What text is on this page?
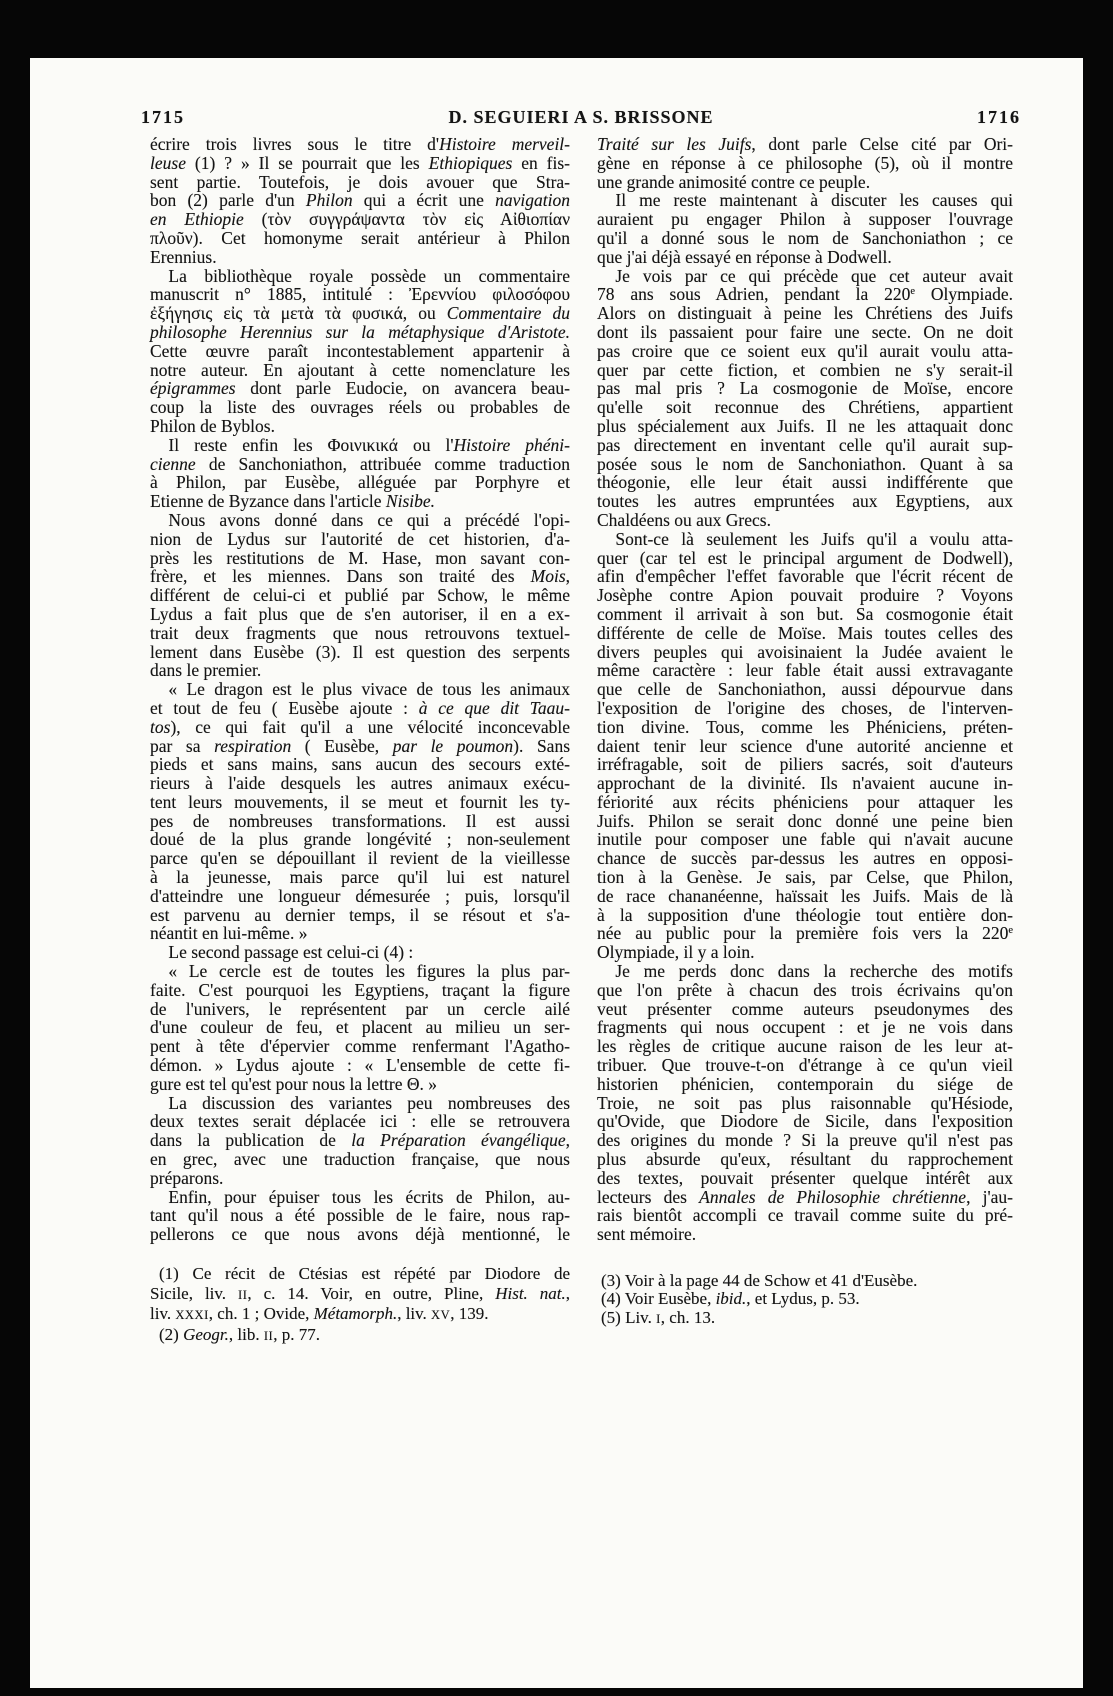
1715	D. SEGUIERI A S. BRISSONE	1716
écrire trois livres sous le titre d'Histoire merveil-
leuse (1) ? » Il se pourrait que les Ethiopiques en fis-
sent partie. Toutefois, je dois avouer que Stra-
bon (2) parle d'un Philon qui a écrit une navigation
en Ethiopie (τὸν συγγράψαντα τὸν εἰς Αἰθιοπίαν
πλοῦν). Cet homonyme serait antérieur à Philon
Erennius.
La bibliothèque royale possède un commentaire
manuscrit n° 1885, intitulé : Ἐρεννίου φιλοσόφου
ἐξήγησις εἰς τὰ μετὰ τὰ φυσικά, ou Commentaire du
philosophe Herennius sur la métaphysique d'Aristote.
Cette œuvre paraît incontestablement appartenir à
notre auteur. En ajoutant à cette nomenclature les
épigrammes dont parle Eudocie, on avancera beau-
coup la liste des ouvrages réels ou probables de
Philon de Byblos.
Il reste enfin les Φοινικικά ou l'Histoire phéni-
cienne de Sanchoniathon, attribuée comme traduction
à Philon, par Eusèbe, alléguée par Porphyre et
Etienne de Byzance dans l'article Nisibe.
Nous avons donné dans ce qui a précédé l'opi-
nion de Lydus sur l'autorité de cet historien, d'a-
près les restitutions de M. Hase, mon savant con-
frère, et les miennes. Dans son traité des Mois,
différent de celui-ci et publié par Schow, le même
Lydus a fait plus que de s'en autoriser, il en a ex-
trait deux fragments que nous retrouvons textuel-
lement dans Eusèbe (3). Il est question des serpents
dans le premier.
« Le dragon est le plus vivace de tous les animaux
et tout de feu ( Eusèbe ajoute : à ce que dit Taau-
tos), ce qui fait qu'il a une vélocité inconcevable
par sa respiration ( Eusèbe, par le poumon). Sans
pieds et sans mains, sans aucun des secours exté-
rieurs à l'aide desquels les autres animaux exécu-
tent leurs mouvements, il se meut et fournit les ty-
pes de nombreuses transformations. Il est aussi
doué de la plus grande longévité ; non-seulement
parce qu'en se dépouillant il revient de la vieillesse
à la jeunesse, mais parce qu'il lui est naturel
d'atteindre une longueur démesurée ; puis, lorsqu'il
est parvenu au dernier temps, il se résout et s'a-
néantit en lui-même. »
Le second passage est celui-ci (4) :
« Le cercle est de toutes les figures la plus par-
faite. C'est pourquoi les Egyptiens, traçant la figure
de l'univers, le représentent par un cercle ailé
d'une couleur de feu, et placent au milieu un ser-
pent à tête d'épervier comme renfermant l'Agatho-
démon. » Lydus ajoute : « L'ensemble de cette fi-
gure est tel qu'est pour nous la lettre Θ. »
La discussion des variantes peu nombreuses des
deux textes serait déplacée ici : elle se retrouvera
dans la publication de la Préparation évangélique,
en grec, avec une traduction française, que nous
préparons.
Enfin, pour épuiser tous les écrits de Philon, au-
tant qu'il nous a été possible de le faire, nous rap-
pellerons ce que nous avons déjà mentionné, le
Traité sur les Juifs, dont parle Celse cité par Ori-
gène en réponse à ce philosophe (5), où il montre
une grande animosité contre ce peuple.
Il me reste maintenant à discuter les causes qui
auraient pu engager Philon à supposer l'ouvrage
qu'il a donné sous le nom de Sanchoniathon ; ce
que j'ai déjà essayé en réponse à Dodwell.
Je vois par ce qui précède que cet auteur avait
78 ans sous Adrien, pendant la 220e Olympiade.
Alors on distinguait à peine les Chrétiens des Juifs
dont ils passaient pour faire une secte. On ne doit
pas croire que ce soient eux qu'il aurait voulu atta-
quer par cette fiction, et combien ne s'y serait-il
pas mal pris ? La cosmogonie de Moïse, encore
qu'elle soit reconnue des Chrétiens, appartient
plus spécialement aux Juifs. Il ne les attaquait donc
pas directement en inventant celle qu'il aurait sup-
posée sous le nom de Sanchoniathon. Quant à sa
théogonie, elle leur était aussi indifférente que
toutes les autres empruntées aux Egyptiens, aux
Chaldéens ou aux Grecs.
Sont-ce là seulement les Juifs qu'il a voulu atta-
quer (car tel est le principal argument de Dodwell),
afin d'empêcher l'effet favorable que l'écrit récent de
Josèphe contre Apion pouvait produire ? Voyons
comment il arrivait à son but. Sa cosmogonie était
différente de celle de Moïse. Mais toutes celles des
divers peuples qui avoisinaient la Judée avaient le
même caractère : leur fable était aussi extravagante
que celle de Sanchoniathon, aussi dépourvue dans
l'exposition de l'origine des choses, de l'interven-
tion divine. Tous, comme les Phéniciens, préten-
daient tenir leur science d'une autorité ancienne et
irréfragable, soit de piliers sacrés, soit d'auteurs
approchant de la divinité. Ils n'avaient aucune in-
fériorité aux récits phéniciens pour attaquer les
Juifs. Philon se serait donc donné une peine bien
inutile pour composer une fable qui n'avait aucune
chance de succès par-dessus les autres en opposi-
tion à la Genèse. Je sais, par Celse, que Philon,
de race chananéenne, haïssait les Juifs. Mais de là
à la supposition d'une théologie tout entière don-
née au public pour la première fois vers la 220e
Olympiade, il y a loin.
Je me perds donc dans la recherche des motifs
que l'on prête à chacun des trois écrivains qu'on
veut présenter comme auteurs pseudonymes des
fragments qui nous occupent : et je ne vois dans
les règles de critique aucune raison de les leur at-
tribuer. Que trouve-t-on d'étrange à ce qu'un vieil
historien phénicien, contemporain du siége de
Troie, ne soit pas plus raisonnable qu'Hésiode,
qu'Ovide, que Diodore de Sicile, dans l'exposition
des origines du monde ? Si la preuve qu'il n'est pas
plus absurde qu'eux, résultant du rapprochement
des textes, pouvait présenter quelque intérêt aux
lecteurs des Annales de Philosophie chrétienne, j'au-
rais bientôt accompli ce travail comme suite du pré-
sent mémoire.
(1) Ce récit de Ctésias est répété par Diodore de
Sicile, liv. II, c. 14. Voir, en outre, Pline, Hist. nat.,
liv. XXXI, ch. 1 ; Ovide, Métamorph., liv. XV, 139.
(2) Geogr., lib. II, p. 77.
(3) Voir à la page 44 de Schow et 41 d'Eusèbe.
(4) Voir Eusèbe, ibid., et Lydus, p. 53.
(5) Liv. I, ch. 13.
